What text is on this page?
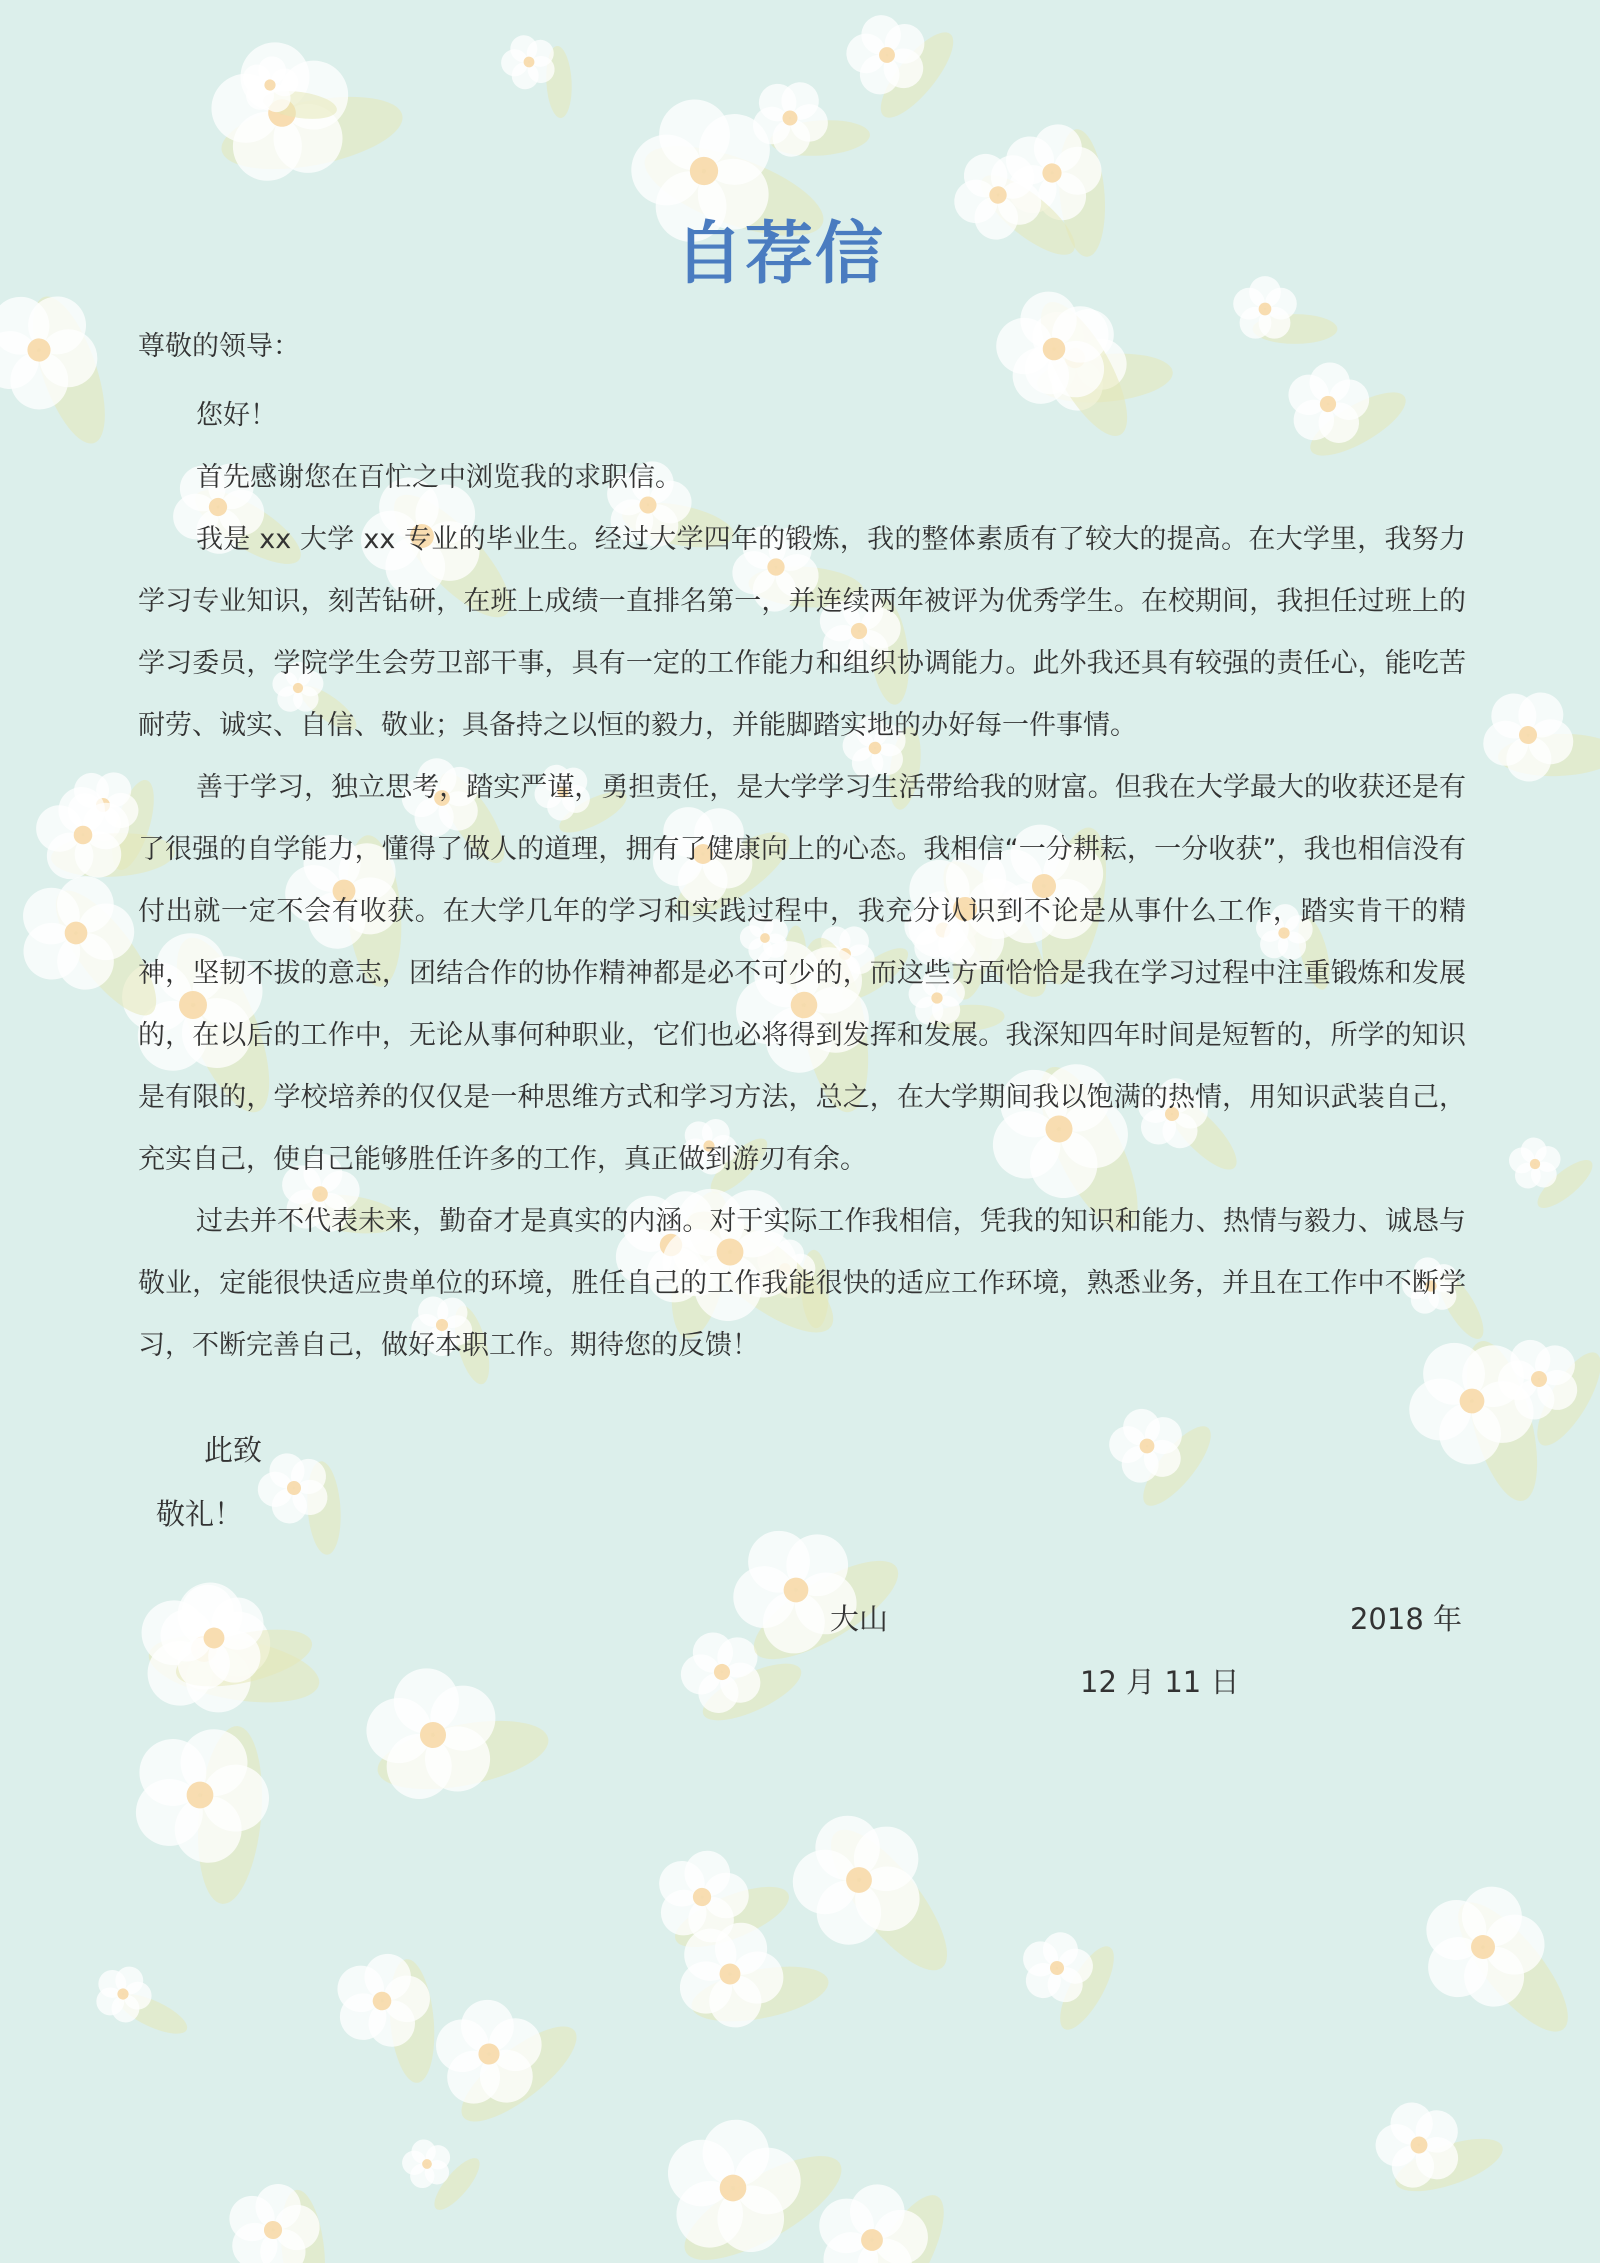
自荐信
尊敬的领导：

您好！

首先感谢您在百忙之中浏览我的求职信。

我是 xx 大学 xx 专业的毕业生。经过大学四年的锻炼，我的整体素质有了较大的提高。在大学里，我努力学习专业知识，刻苦钻研，在班上成绩一直排名第一，并连续两年被评为优秀学生。在校期间，我担任过班上的学习委员，学院学生会劳卫部干事，具有一定的工作能力和组织协调能力。此外我还具有较强的责任心，能吃苦耐劳、诚实、自信、敬业；具备持之以恒的毅力，并能脚踏实地的办好每一件事情。

善于学习，独立思考，踏实严谨，勇担责任，是大学学习生活带给我的财富。但我在大学最大的收获还是有了很强的自学能力，懂得了做人的道理，拥有了健康向上的心态。我相信“一分耕耘，一分收获”，我也相信没有付出就一定不会有收获。在大学几年的学习和实践过程中，我充分认识到不论是从事什么工作，踏实肯干的精神，坚韧不拔的意志，团结合作的协作精神都是必不可少的，而这些方面恰恰是我在学习过程中注重锻炼和发展的，在以后的工作中，无论从事何种职业，它们也必将得到发挥和发展。我深知四年时间是短暂的，所学的知识是有限的，学校培养的仅仅是一种思维方式和学习方法，总之，在大学期间我以饱满的热情，用知识武装自己，充实自己，使自己能够胜任许多的工作，真正做到游刃有余。

过去并不代表未来，勤奋才是真实的内涵。对于实际工作我相信，凭我的知识和能力、热情与毅力、诚恳与敬业，定能很快适应贵单位的环境，胜任自己的工作我能很快的适应工作环境，熟悉业务，并且在工作中不断学习，不断完善自己，做好本职工作。期待您的反馈！

此致
敬礼！
大山	2018 年
12 月 11 日
